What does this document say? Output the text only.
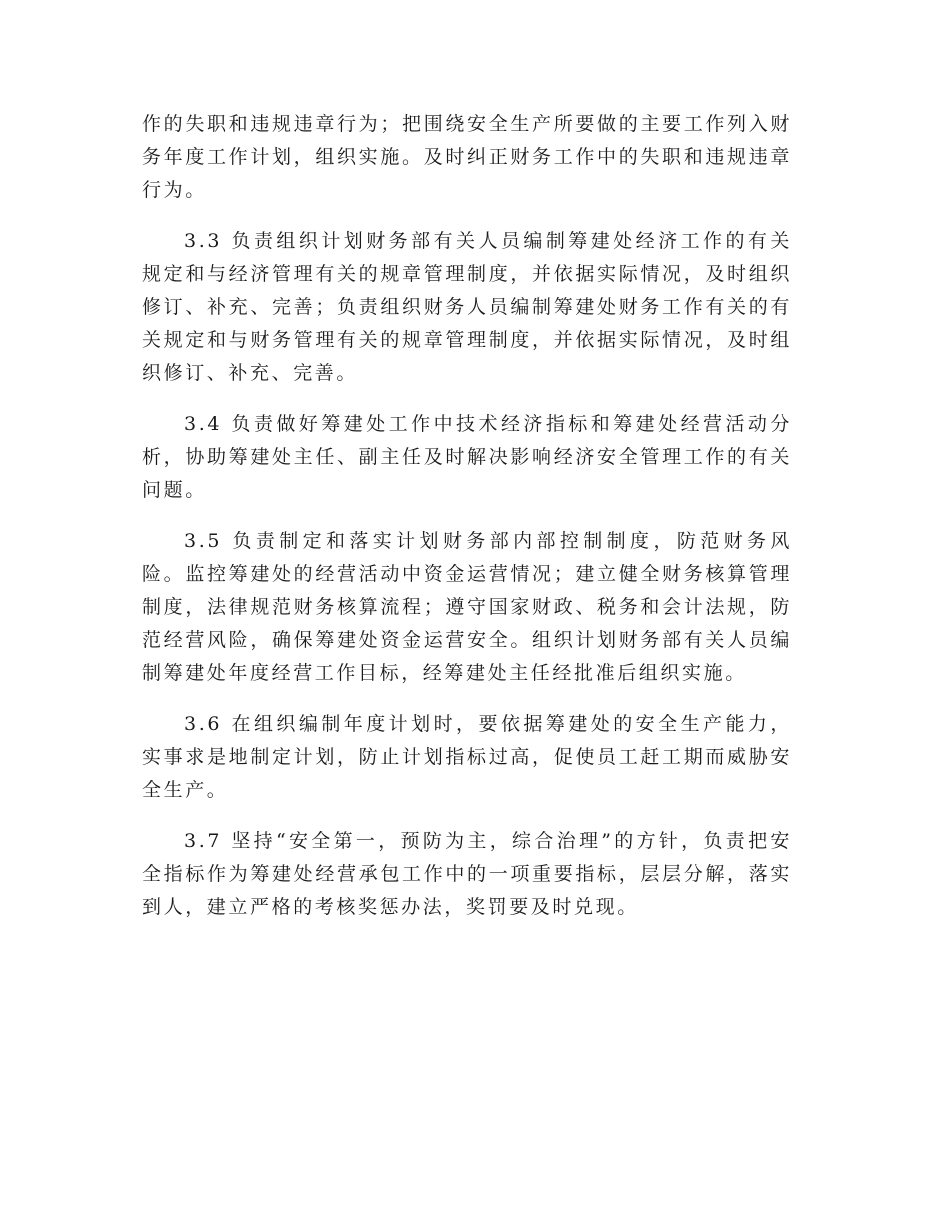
作的失职和违规违章行为；把围绕安全生产所要做的主要工作列入财务年度工作计划，组织实施。及时纠正财务工作中的失职和违规违章行为。

3.3 负责组织计划财务部有关人员编制筹建处经济工作的有关规定和与经济管理有关的规章管理制度，并依据实际情况，及时组织修订、补充、完善；负责组织财务人员编制筹建处财务工作有关的有关规定和与财务管理有关的规章管理制度，并依据实际情况，及时组织修订、补充、完善。

3.4 负责做好筹建处工作中技术经济指标和筹建处经营活动分析，协助筹建处主任、副主任及时解决影响经济安全管理工作的有关问题。

3.5 负责制定和落实计划财务部内部控制制度，防范财务风险。监控筹建处的经营活动中资金运营情况；建立健全财务核算管理制度，法律规范财务核算流程；遵守国家财政、税务和会计法规，防范经营风险，确保筹建处资金运营安全。组织计划财务部有关人员编制筹建处年度经营工作目标，经筹建处主任经批准后组织实施。

3.6 在组织编制年度计划时，要依据筹建处的安全生产能力，实事求是地制定计划，防止计划指标过高，促使员工赶工期而威胁安全生产。

3.7 坚持“安全第一，预防为主，综合治理”的方针，负责把安全指标作为筹建处经营承包工作中的一项重要指标，层层分解，落实到人，建立严格的考核奖惩办法，奖罚要及时兑现。
